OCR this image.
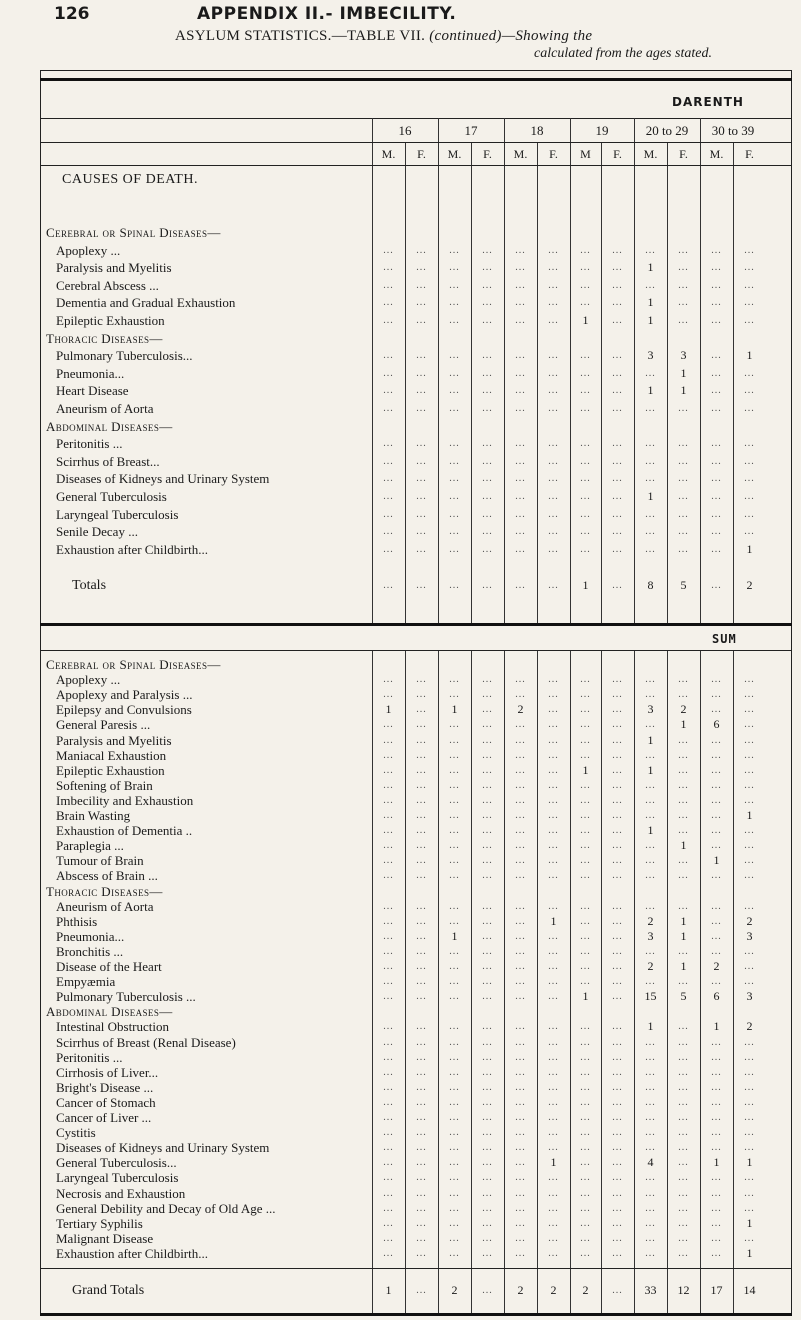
126	APPENDIX II.- IMBECILITY.
ASYLUM STATISTICS.—TABLE VII. (continued)—Showing the
calculated from the ages stated.
DARENTH
CAUSES OF DEATH.
16	17	18	19	20 to 29	30 to 39
M.	F.	M.	F.	M.	F.	M	F.	M.	F.	M.	F.
SUM
Cerebral or Spinal Diseases—
Apoplexy ...	...	...	...	...	...	...	...	...	...	...	...	...
Paralysis and Myelitis	...	...	...	...	...	...	...	...	1	...	...	...
Cerebral Abscess ...	...	...	...	...	...	...	...	...	...	...	...	...
Dementia and Gradual Exhaustion	...	...	...	...	...	...	...	...	1	...	...	...
Epileptic Exhaustion	...	...	...	...	...	...	1	...	1	...	...	...
Thoracic Diseases—
Pulmonary Tuberculosis...	...	...	...	...	...	...	...	...	3	3	...	1
Pneumonia...	...	...	...	...	...	...	...	...	...	1	...	...
Heart Disease	...	...	...	...	...	...	...	...	1	1	...	...
Aneurism of Aorta	...	...	...	...	...	...	...	...	...	...	...	...
Abdominal Diseases—
Peritonitis ...	...	...	...	...	...	...	...	...	...	...	...	...
Scirrhus of Breast...	...	...	...	...	...	...	...	...	...	...	...	...
Diseases of Kidneys and Urinary System	...	...	...	...	...	...	...	...	...	...	...	...
General Tuberculosis	...	...	...	...	...	...	...	...	1	...	...	...
Laryngeal Tuberculosis	...	...	...	...	...	...	...	...	...	...	...	...
Senile Decay ...	...	...	...	...	...	...	...	...	...	...	...	...
Exhaustion after Childbirth...	...	...	...	...	...	...	...	...	...	...	...	1
Totals	...	...	...	...	...	...	1	...	8	5	...	2
Cerebral or Spinal Diseases—
Apoplexy ...	...	...	...	...	...	...	...	...	...	...	...	...
Apoplexy and Paralysis ...	...	...	...	...	...	...	...	...	...	...	...	...
Epilepsy and Convulsions	1	...	1	...	2	...	...	...	3	2	...	...
General Paresis ...	...	...	...	...	...	...	...	...	...	1	6	...
Paralysis and Myelitis	...	...	...	...	...	...	...	...	1	...	...	...
Maniacal Exhaustion	...	...	...	...	...	...	...	...	...	...	...	...
Epileptic Exhaustion	...	...	...	...	...	...	1	...	1	...	...	...
Softening of Brain	...	...	...	...	...	...	...	...	...	...	...	...
Imbecility and Exhaustion	...	...	...	...	...	...	...	...	...	...	...	...
Brain Wasting	...	...	...	...	...	...	...	...	...	...	...	1
Exhaustion of Dementia ..	...	...	...	...	...	...	...	...	1	...	...	...
Paraplegia ...	...	...	...	...	...	...	...	...	...	1	...	...
Tumour of Brain	...	...	...	...	...	...	...	...	...	...	1	...
Abscess of Brain ...	...	...	...	...	...	...	...	...	...	...	...	...
Thoracic Diseases—
Aneurism of Aorta	...	...	...	...	...	...	...	...	...	...	...	...
Phthisis	...	...	...	...	...	1	...	...	2	1	...	2
Pneumonia...	...	...	1	...	...	...	...	...	3	1	...	3
Bronchitis ...	...	...	...	...	...	...	...	...	...	...	...	...
Disease of the Heart	...	...	...	...	...	...	...	...	2	1	2	...
Empyæmia	...	...	...	...	...	...	...	...	...	...	...	...
Pulmonary Tuberculosis ...	...	...	...	...	...	...	1	...	15	5	6	3
Abdominal Diseases—
Intestinal Obstruction	...	...	...	...	...	...	...	...	1	...	1	2
Scirrhus of Breast (Renal Disease)	...	...	...	...	...	...	...	...	...	...	...	...
Peritonitis ...	...	...	...	...	...	...	...	...	...	...	...	...
Cirrhosis of Liver...	...	...	...	...	...	...	...	...	...	...	...	...
Bright's Disease ...	...	...	...	...	...	...	...	...	...	...	...	...
Cancer of Stomach	...	...	...	...	...	...	...	...	...	...	...	...
Cancer of Liver ...	...	...	...	...	...	...	...	...	...	...	...	...
Cystitis	...	...	...	...	...	...	...	...	...	...	...	...
Diseases of Kidneys and Urinary System	...	...	...	...	...	...	...	...	...	...	...	...
General Tuberculosis...	...	...	...	...	...	1	...	...	4	...	1	1
Laryngeal Tuberculosis	...	...	...	...	...	...	...	...	...	...	...	...
Necrosis and Exhaustion	...	...	...	...	...	...	...	...	...	...	...	...
General Debility and Decay of Old Age ...	...	...	...	...	...	...	...	...	...	...	...	...
Tertiary Syphilis	...	...	...	...	...	...	...	...	...	...	...	1
Malignant Disease	...	...	...	...	...	...	...	...	...	...	...	...
Exhaustion after Childbirth...	...	...	...	...	...	...	...	...	...	...	...	1
Grand Totals	1	...	2	...	2	2	2	...	33	12	17	14
